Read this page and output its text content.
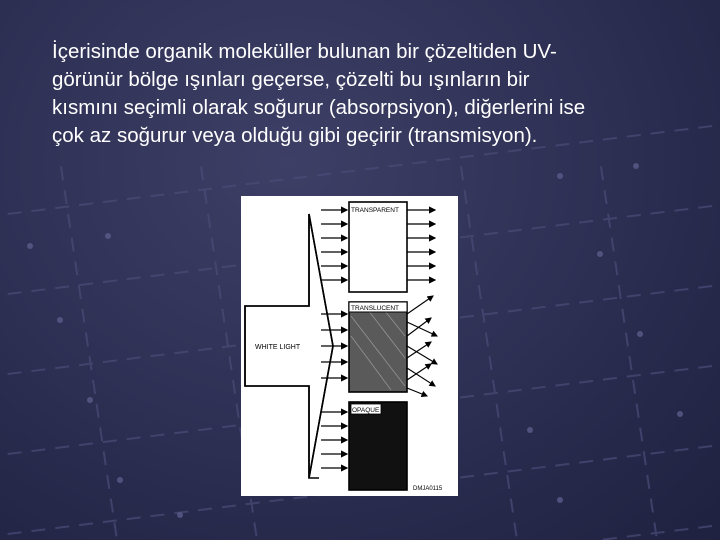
İçerisinde organik moleküller bulunan bir çözeltiden UV-

görünür bölge ışınları geçerse, çözelti bu ışınların bir

kısmını seçimli olarak soğurur (absorpsiyon), diğerlerini ise

çok az soğurur veya olduğu gibi geçirir (transmisyon).

WHITE LIGHT
TRANSPARENT
TRANSLUCENT
OPAQUE
DMJA0115
